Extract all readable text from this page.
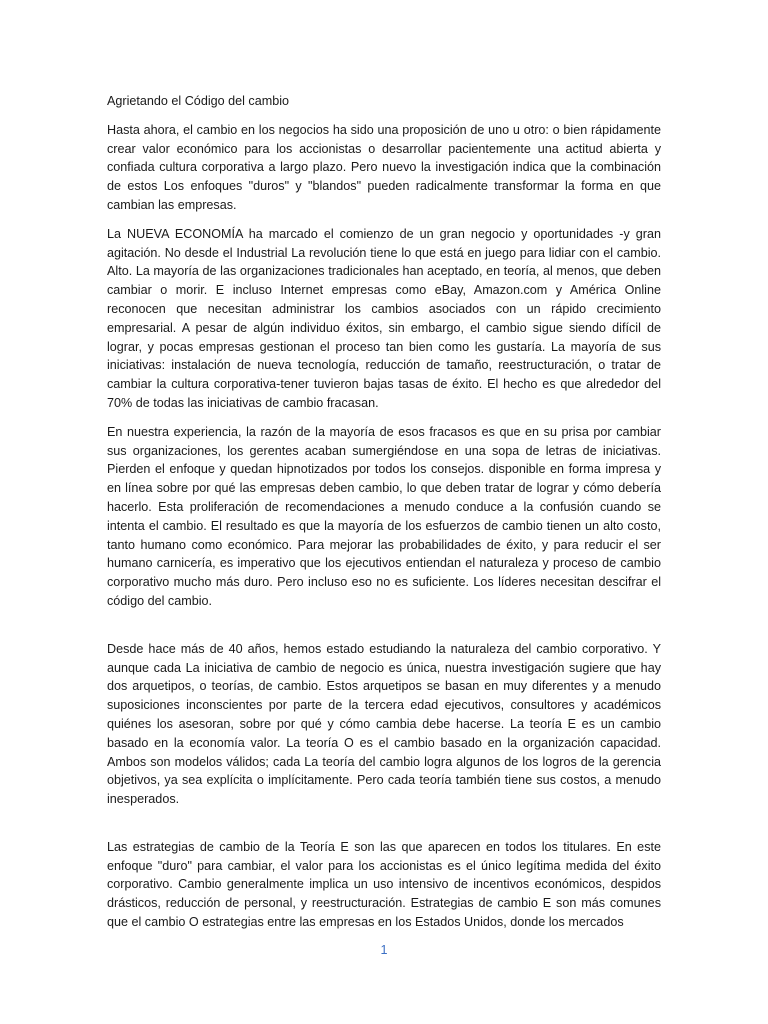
Agrietando el Código del cambio

Hasta ahora, el cambio en los negocios ha sido una proposición de uno u otro: o bien rápidamente crear valor económico para los accionistas o desarrollar pacientemente una actitud abierta y confiada cultura corporativa a largo plazo. Pero nuevo la investigación indica que la combinación de estos Los enfoques "duros" y "blandos" pueden radicalmente transformar la forma en que cambian las empresas.

La NUEVA ECONOMÍA ha marcado el comienzo de un gran negocio y oportunidades -y gran agitación. No desde el Industrial La revolución tiene lo que está en juego para lidiar con el cambio. Alto. La mayoría de las organizaciones tradicionales han aceptado, en teoría, al menos, que deben cambiar o morir. E incluso Internet empresas como eBay, Amazon.com y América Online reconocen que necesitan administrar los cambios asociados con un rápido crecimiento empresarial. A pesar de algún individuo éxitos, sin embargo, el cambio sigue siendo difícil de lograr, y pocas empresas gestionan el proceso tan bien como les gustaría. La mayoría de sus iniciativas: instalación de nueva tecnología, reducción de tamaño, reestructuración, o tratar de cambiar la cultura corporativa-tener tuvieron bajas tasas de éxito. El hecho es que alrededor del 70% de todas las iniciativas de cambio fracasan.

En nuestra experiencia, la razón de la mayoría de esos fracasos es que en su prisa por cambiar sus organizaciones, los gerentes acaban sumergiéndose en una sopa de letras de iniciativas. Pierden el enfoque y quedan hipnotizados por todos los consejos. disponible en forma impresa y en línea sobre por qué las empresas deben cambio, lo que deben tratar de lograr y cómo debería hacerlo. Esta proliferación de recomendaciones a menudo conduce a la confusión cuando se intenta el cambio. El resultado es que la mayoría de los esfuerzos de cambio tienen un alto costo, tanto humano como económico. Para mejorar las probabilidades de éxito, y para reducir el ser humano carnicería, es imperativo que los ejecutivos entiendan el naturaleza y proceso de cambio corporativo mucho más duro. Pero incluso eso no es suficiente. Los líderes necesitan descifrar el código del cambio.

Desde hace más de 40 años, hemos estado estudiando la naturaleza del cambio corporativo. Y aunque cada La iniciativa de cambio de negocio es única, nuestra investigación sugiere que hay dos arquetipos, o teorías, de cambio. Estos arquetipos se basan en muy diferentes y a menudo suposiciones inconscientes por parte de la tercera edad ejecutivos, consultores y académicos quiénes los asesoran, sobre por qué y cómo cambia debe hacerse. La teoría E es un cambio basado en la economía valor. La teoría O es el cambio basado en la organización capacidad. Ambos son modelos válidos; cada La teoría del cambio logra algunos de los logros de la gerencia objetivos, ya sea explícita o implícitamente. Pero cada teoría también tiene sus costos, a menudo inesperados.

Las estrategias de cambio de la Teoría E son las que aparecen en todos los titulares. En este enfoque "duro" para cambiar, el valor para los accionistas es el único legítima medida del éxito corporativo. Cambio generalmente implica un uso intensivo de incentivos económicos, despidos drásticos, reducción de personal, y reestructuración. Estrategias de cambio E son más comunes que el cambio O estrategias entre las empresas en los Estados Unidos, donde los mercados

1
